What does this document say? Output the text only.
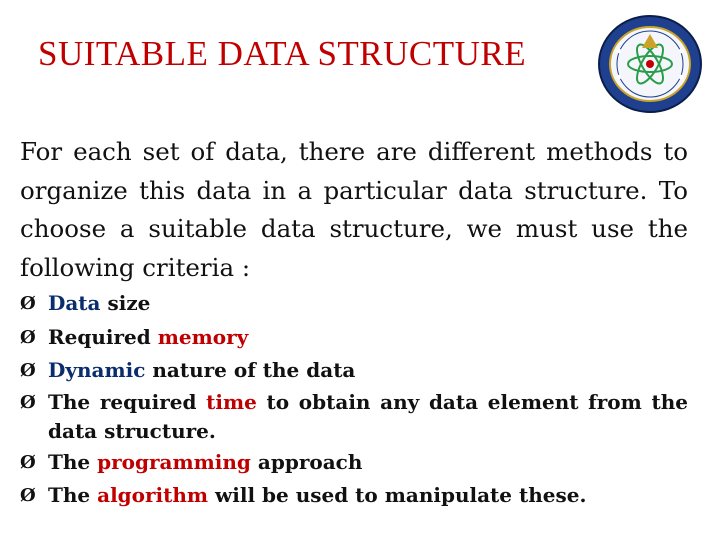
SUITABLE DATA STRUCTURE

For each set of data, there are different methods to organize this data in a particular data structure. To choose a suitable data structure, we must use the following criteria :

Ø Data size
Ø Required memory
Ø Dynamic nature of the data
Ø The required time to obtain any data element from the data structure.
Ø The programming approach
Ø The algorithm will be used to manipulate these.
